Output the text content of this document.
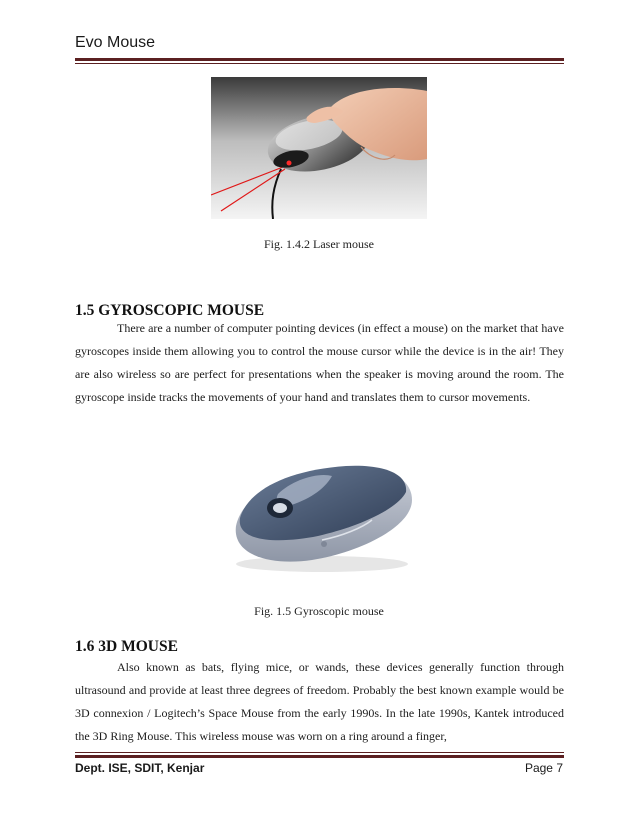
Evo Mouse
Fig. 1.4.2 Laser mouse
1.5 GYROSCOPIC MOUSE
There are a number of computer pointing devices (in effect a mouse) on the market that have gyroscopes inside them allowing you to control the mouse cursor while the device is in the air! They are also wireless so are perfect for presentations when the speaker is moving around the room. The gyroscope inside tracks the movements of your hand and translates them to cursor movements.
Fig. 1.5 Gyroscopic mouse
1.6 3D MOUSE
Also known as bats, flying mice, or wands, these devices generally function through ultrasound and provide at least three degrees of freedom. Probably the best known example would be 3D connexion / Logitech’s Space Mouse from the early 1990s. In the late 1990s, Kantek introduced the 3D Ring Mouse. This wireless mouse was worn on a ring around a finger,
Dept. ISE, SDIT, Kenjar	Page 7
